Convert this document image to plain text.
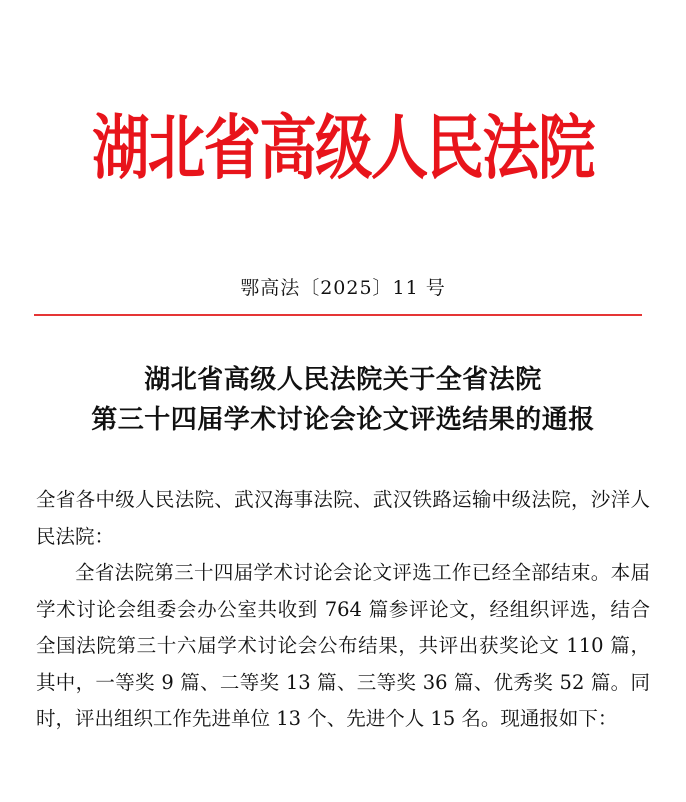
湖北省高级人民法院
鄂高法〔2025〕11 号
湖北省高级人民法院关于全省法院
第三十四届学术讨论会论文评选结果的通报

全省各中级人民法院、武汉海事法院、武汉铁路运输中级法院，沙洋人民法院：

全省法院第三十四届学术讨论会论文评选工作已经全部结束。本届学术讨论会组委会办公室共收到 764 篇参评论文，经组织评选，结合全国法院第三十六届学术讨论会公布结果，共评出获奖论文 110 篇，其中，一等奖 9 篇、二等奖 13 篇、三等奖 36 篇、优秀奖 52 篇。同时，评出组织工作先进单位 13 个、先进个人 15 名。现通报如下：
